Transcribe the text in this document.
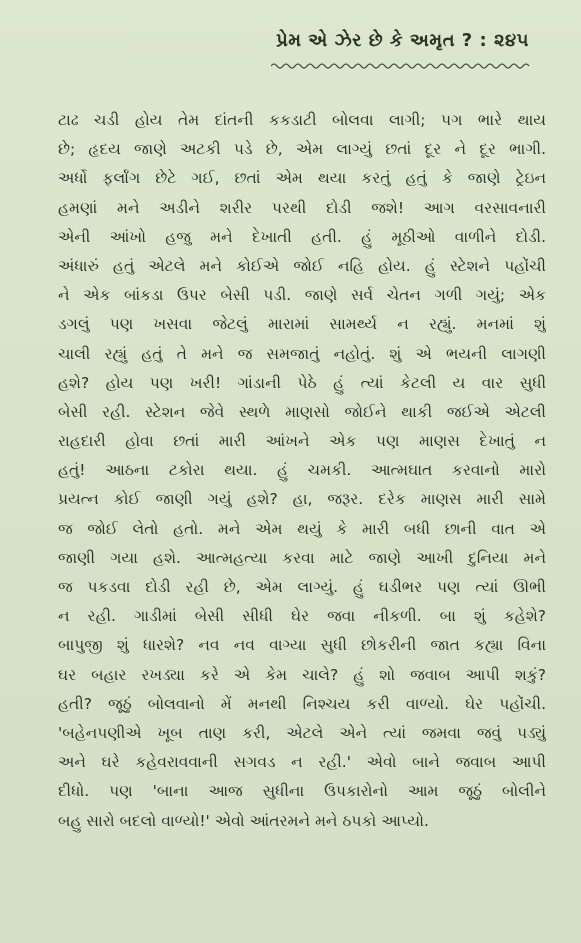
પ્રેમ એ ઝેર છે કે અમૃત ? : ૨૪૫
ટાઢ ચડી હોય તેમ દાંતની કકડાટી બોલવા લાગી; પગ ભારે થાય
છે; હૃદય જાણે અટકી પડે છે, એમ લાગ્યું છતાં દૂર ને દૂર ભાગી.
અર્ધો ફર્લાંગ છેટે ગઈ, છતાં એમ થયા કરતું હતું કે જાણે ટ્રેઇન
હમણાં મને અડીને શરીર પરથી દોડી જશે! આગ વરસાવનારી
એની આંખો હજુ મને દેખાતી હતી. હું મૂઠીઓ વાળીને દોડી.
અંધારું હતું એટલે મને કોઈએ જોઈ નહિ હોય. હું સ્ટેશને પહોંચી
ને એક બાંકડા ઉપર બેસી પડી. જાણે સર્વ ચેતન ગળી ગયું; એક
ડગલું પણ ખસવા જેટલું મારામાં સામર્થ્ય ન રહ્યું. મનમાં શું
ચાલી રહ્યું હતું તે મને જ સમજાતું નહોતું. શું એ ભયની લાગણી
હશે? હોય પણ ખરી! ગાંડાની પેઠે હું ત્યાં કેટલી ય વાર સુધી
બેસી રહી. સ્ટેશન જેવે સ્થળે માણસો જોઈને થાકી જઈએ એટલી
રાહદારી હોવા છતાં મારી આંખને એક પણ માણસ દેખાતું ન
હતું! આઠના ટકોરા થયા. હું ચમકી. આત્મઘાત કરવાનો મારો
પ્રયત્ન કોઈ જાણી ગયું હશે? હા, જરૂર. દરેક માણસ મારી સામે
જ જોઈ લેતો હતો. મને એમ થયું કે મારી બધી છાની વાત એ
જાણી ગયા હશે. આત્મહત્યા કરવા માટે જાણે આખી દુનિયા મને
જ પકડવા દોડી રહી છે, એમ લાગ્યું. હું ઘડીભર પણ ત્યાં ઊભી
ન રહી. ગાડીમાં બેસી સીધી ઘેર જવા નીકળી. બા શું કહેશે?
બાપુજી શું ધારશે? નવ નવ વાગ્યા સુધી છોકરીની જાત કહ્યા વિના
ઘર બહાર રખડ્યા કરે એ કેમ ચાલે? હું શો જવાબ આપી શકું?
હતી? જૂઠું બોલવાનો મેં મનથી નિશ્ચય કરી વાળ્યો. ઘેર પહોંચી.
'બહેનપણીએ ખૂબ તાણ કરી, એટલે એને ત્યાં જમવા જવું પડ્યું
અને ઘરે કહેવરાવવાની સગવડ ન રહી.' એવો બાને જવાબ આપી
દીધો. પણ 'બાના આજ સુધીના ઉપકારોનો આમ જૂઠું બોલીને
બહુ સારો બદલો વાળ્યો!' એવો આંતરમને મને ઠપકો આપ્યો.
